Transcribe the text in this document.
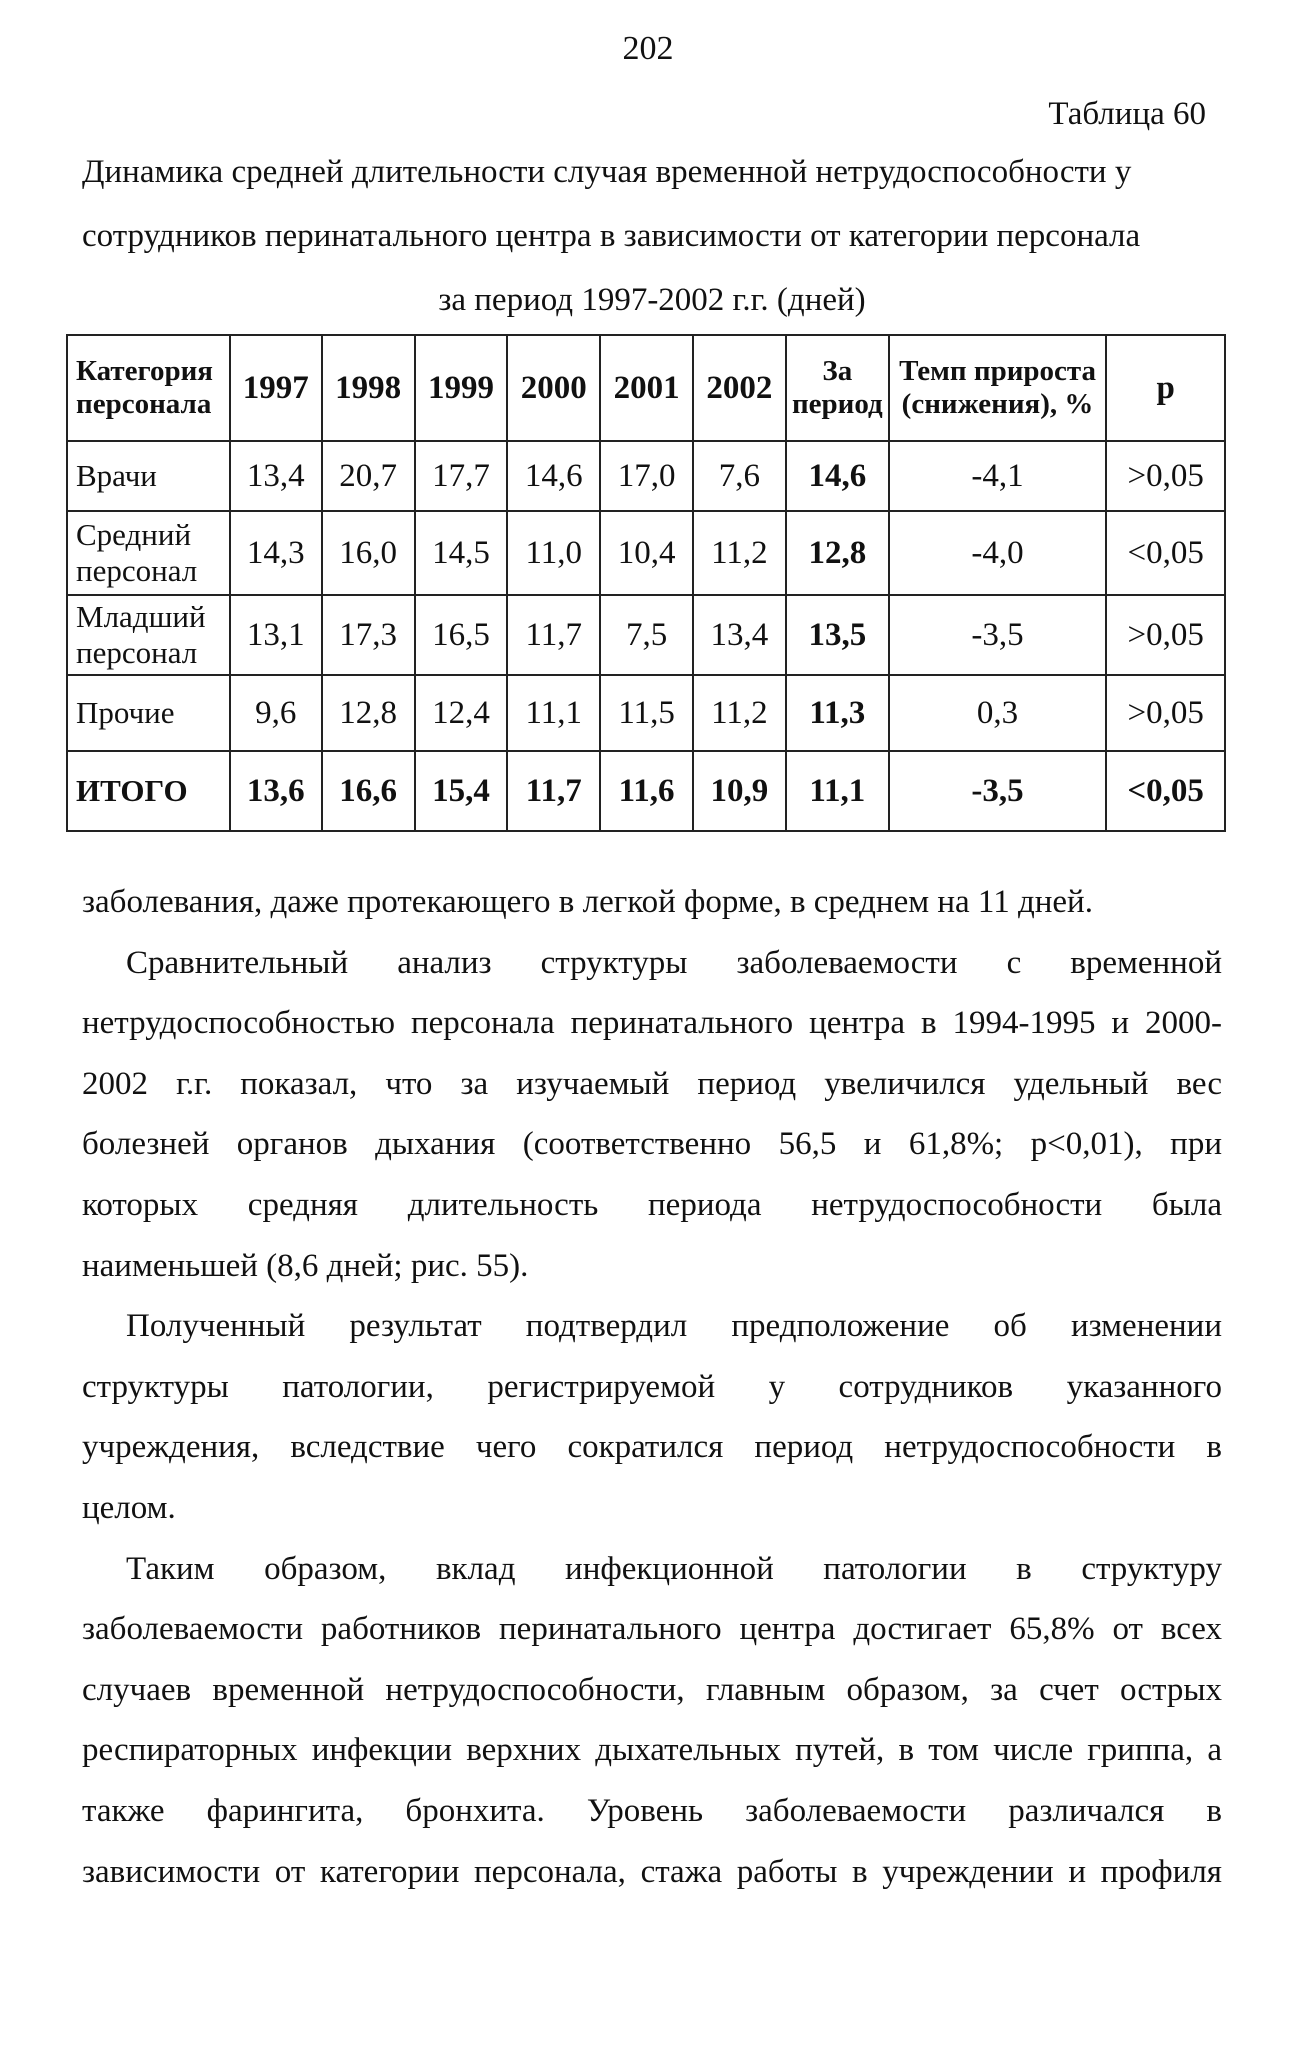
202
Таблица 60
Динамика средней длительности случая временной нетрудоспособности у
сотрудников перинатального центра в зависимости от категории персонала
за период 1997-2002 г.г. (дней)
Категория персонала	1997	1998	1999	2000	2001	2002	За период	Темп прироста (снижения), %	р
Врачи	13,4	20,7	17,7	14,6	17,0	7,6	14,6	-4,1	>0,05
Средний персонал	14,3	16,0	14,5	11,0	10,4	11,2	12,8	-4,0	<0,05
Младший персонал	13,1	17,3	16,5	11,7	7,5	13,4	13,5	-3,5	>0,05
Прочие	9,6	12,8	12,4	11,1	11,5	11,2	11,3	0,3	>0,05
ИТОГО	13,6	16,6	15,4	11,7	11,6	10,9	11,1	-3,5	<0,05
заболевания, даже протекающего в легкой форме, в среднем на 11 дней.
Сравнительный анализ структуры заболеваемости с временной
нетрудоспособностью персонала перинатального центра в 1994-1995 и 2000-
2002 г.г. показал, что за изучаемый период увеличился удельный вес
болезней органов дыхания (соответственно 56,5 и 61,8%; р<0,01), при
которых средняя длительность периода нетрудоспособности была
наименьшей (8,6 дней; рис. 55).
Полученный результат подтвердил предположение об изменении
структуры патологии, регистрируемой у сотрудников указанного
учреждения, вследствие чего сократился период нетрудоспособности в
целом.
Таким образом, вклад инфекционной патологии в структуру
заболеваемости работников перинатального центра достигает 65,8% от всех
случаев временной нетрудоспособности, главным образом, за счет острых
респираторных инфекции верхних дыхательных путей, в том числе гриппа, а
также фарингита, бронхита. Уровень заболеваемости различался в
зависимости от категории персонала, стажа работы в учреждении и профиля
